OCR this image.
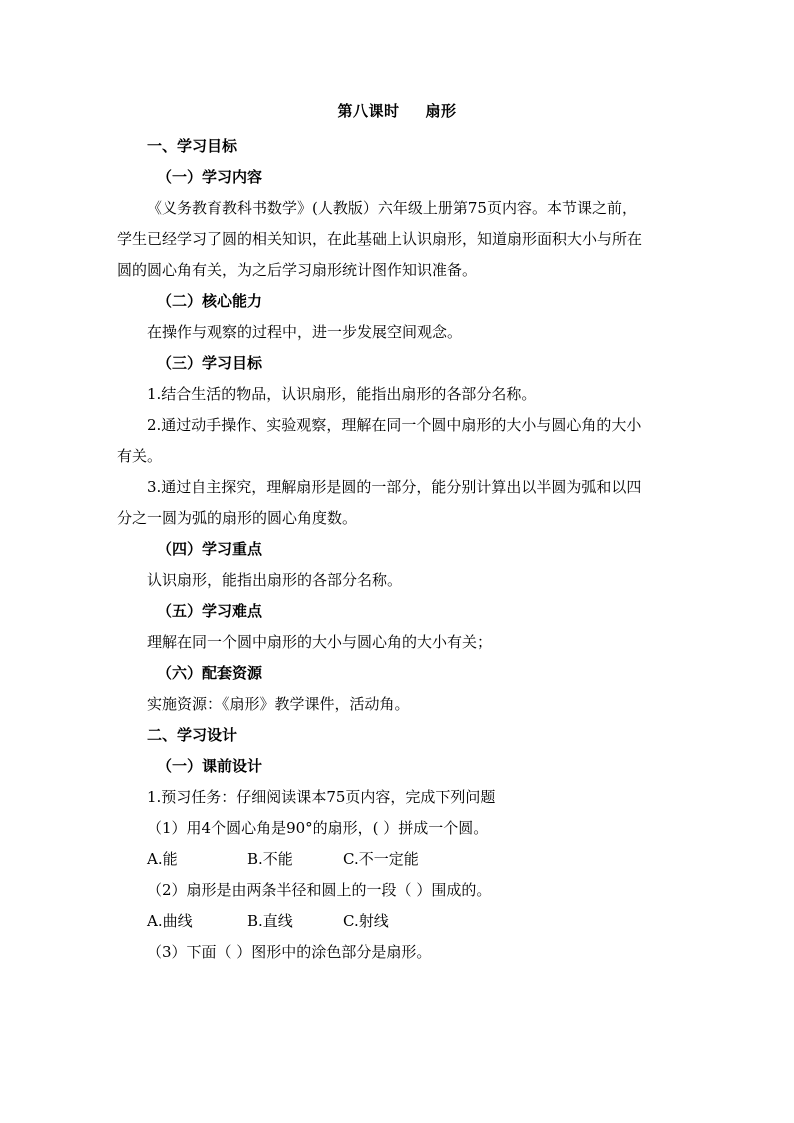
第八课时 扇形
一、学习目标
（一）学习内容
《义务教育教科书数学》(人教版）六年级上册第75页内容。本节课之前，
学生已经学习了圆的相关知识，在此基础上认识扇形，知道扇形面积大小与所在
圆的圆心角有关，为之后学习扇形统计图作知识准备。
（二）核心能力
在操作与观察的过程中，进一步发展空间观念。
（三）学习目标
1.结合生活的物品，认识扇形，能指出扇形的各部分名称。
2.通过动手操作、实验观察，理解在同一个圆中扇形的大小与圆心角的大小
有关。
3.通过自主探究，理解扇形是圆的一部分，能分别计算出以半圆为弧和以四
分之一圆为弧的扇形的圆心角度数。
（四）学习重点
认识扇形，能指出扇形的各部分名称。
（五）学习难点
理解在同一个圆中扇形的大小与圆心角的大小有关；
（六）配套资源
实施资源：《扇形》教学课件，活动角。
二、学习设计
（一）课前设计
1.预习任务：仔细阅读课本75页内容，完成下列问题
（1）用4个圆心角是90°的扇形，( ）拼成一个圆。
A.能	B.不能	C.不一定能
（2）扇形是由两条半径和圆上的一段（ ）围成的。
A.曲线	B.直线	C.射线
（3）下面（ ）图形中的涂色部分是扇形。
